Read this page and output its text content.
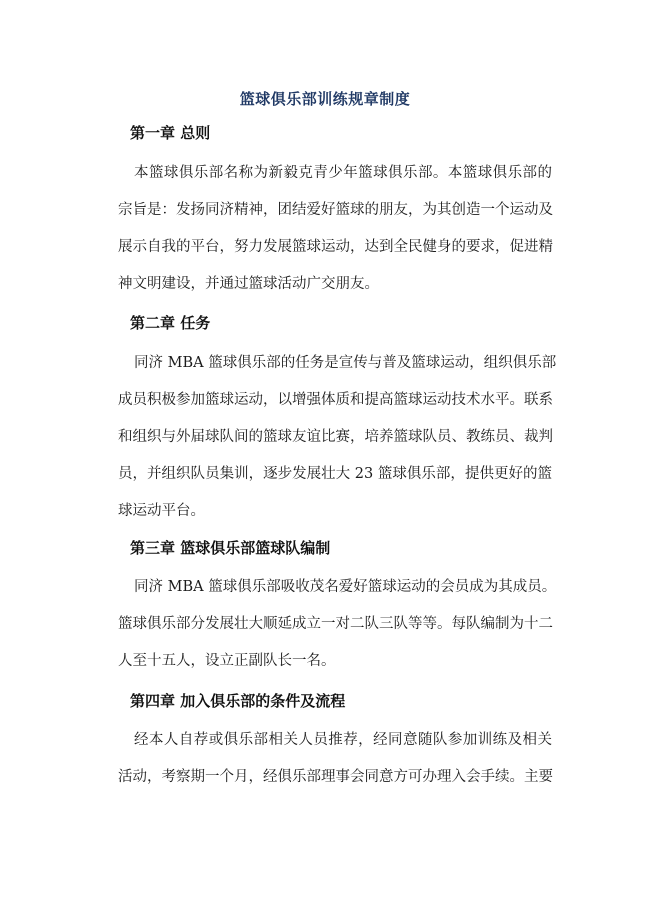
篮球俱乐部训练规章制度
第一章 总则
本篮球俱乐部名称为新毅克青少年篮球俱乐部。本篮球俱乐部的
宗旨是：发扬同济精神，团结爱好篮球的朋友，为其创造一个运动及
展示自我的平台，努力发展篮球运动，达到全民健身的要求，促进精
神文明建设，并通过篮球活动广交朋友。
第二章 任务
同济 MBA 篮球俱乐部的任务是宣传与普及篮球运动，组织俱乐部
成员积极参加篮球运动，以增强体质和提高篮球运动技术水平。联系
和组织与外届球队间的篮球友谊比赛，培养篮球队员、教练员、裁判
员，并组织队员集训，逐步发展壮大 23 篮球俱乐部，提供更好的篮
球运动平台。
第三章 篮球俱乐部篮球队编制
同济 MBA 篮球俱乐部吸收茂名爱好篮球运动的会员成为其成员。
篮球俱乐部分发展壮大顺延成立一对二队三队等等。每队编制为十二
人至十五人，设立正副队长一名。
第四章 加入俱乐部的条件及流程
经本人自荐或俱乐部相关人员推荐，经同意随队参加训练及相关
活动，考察期一个月，经俱乐部理事会同意方可办理入会手续。主要
